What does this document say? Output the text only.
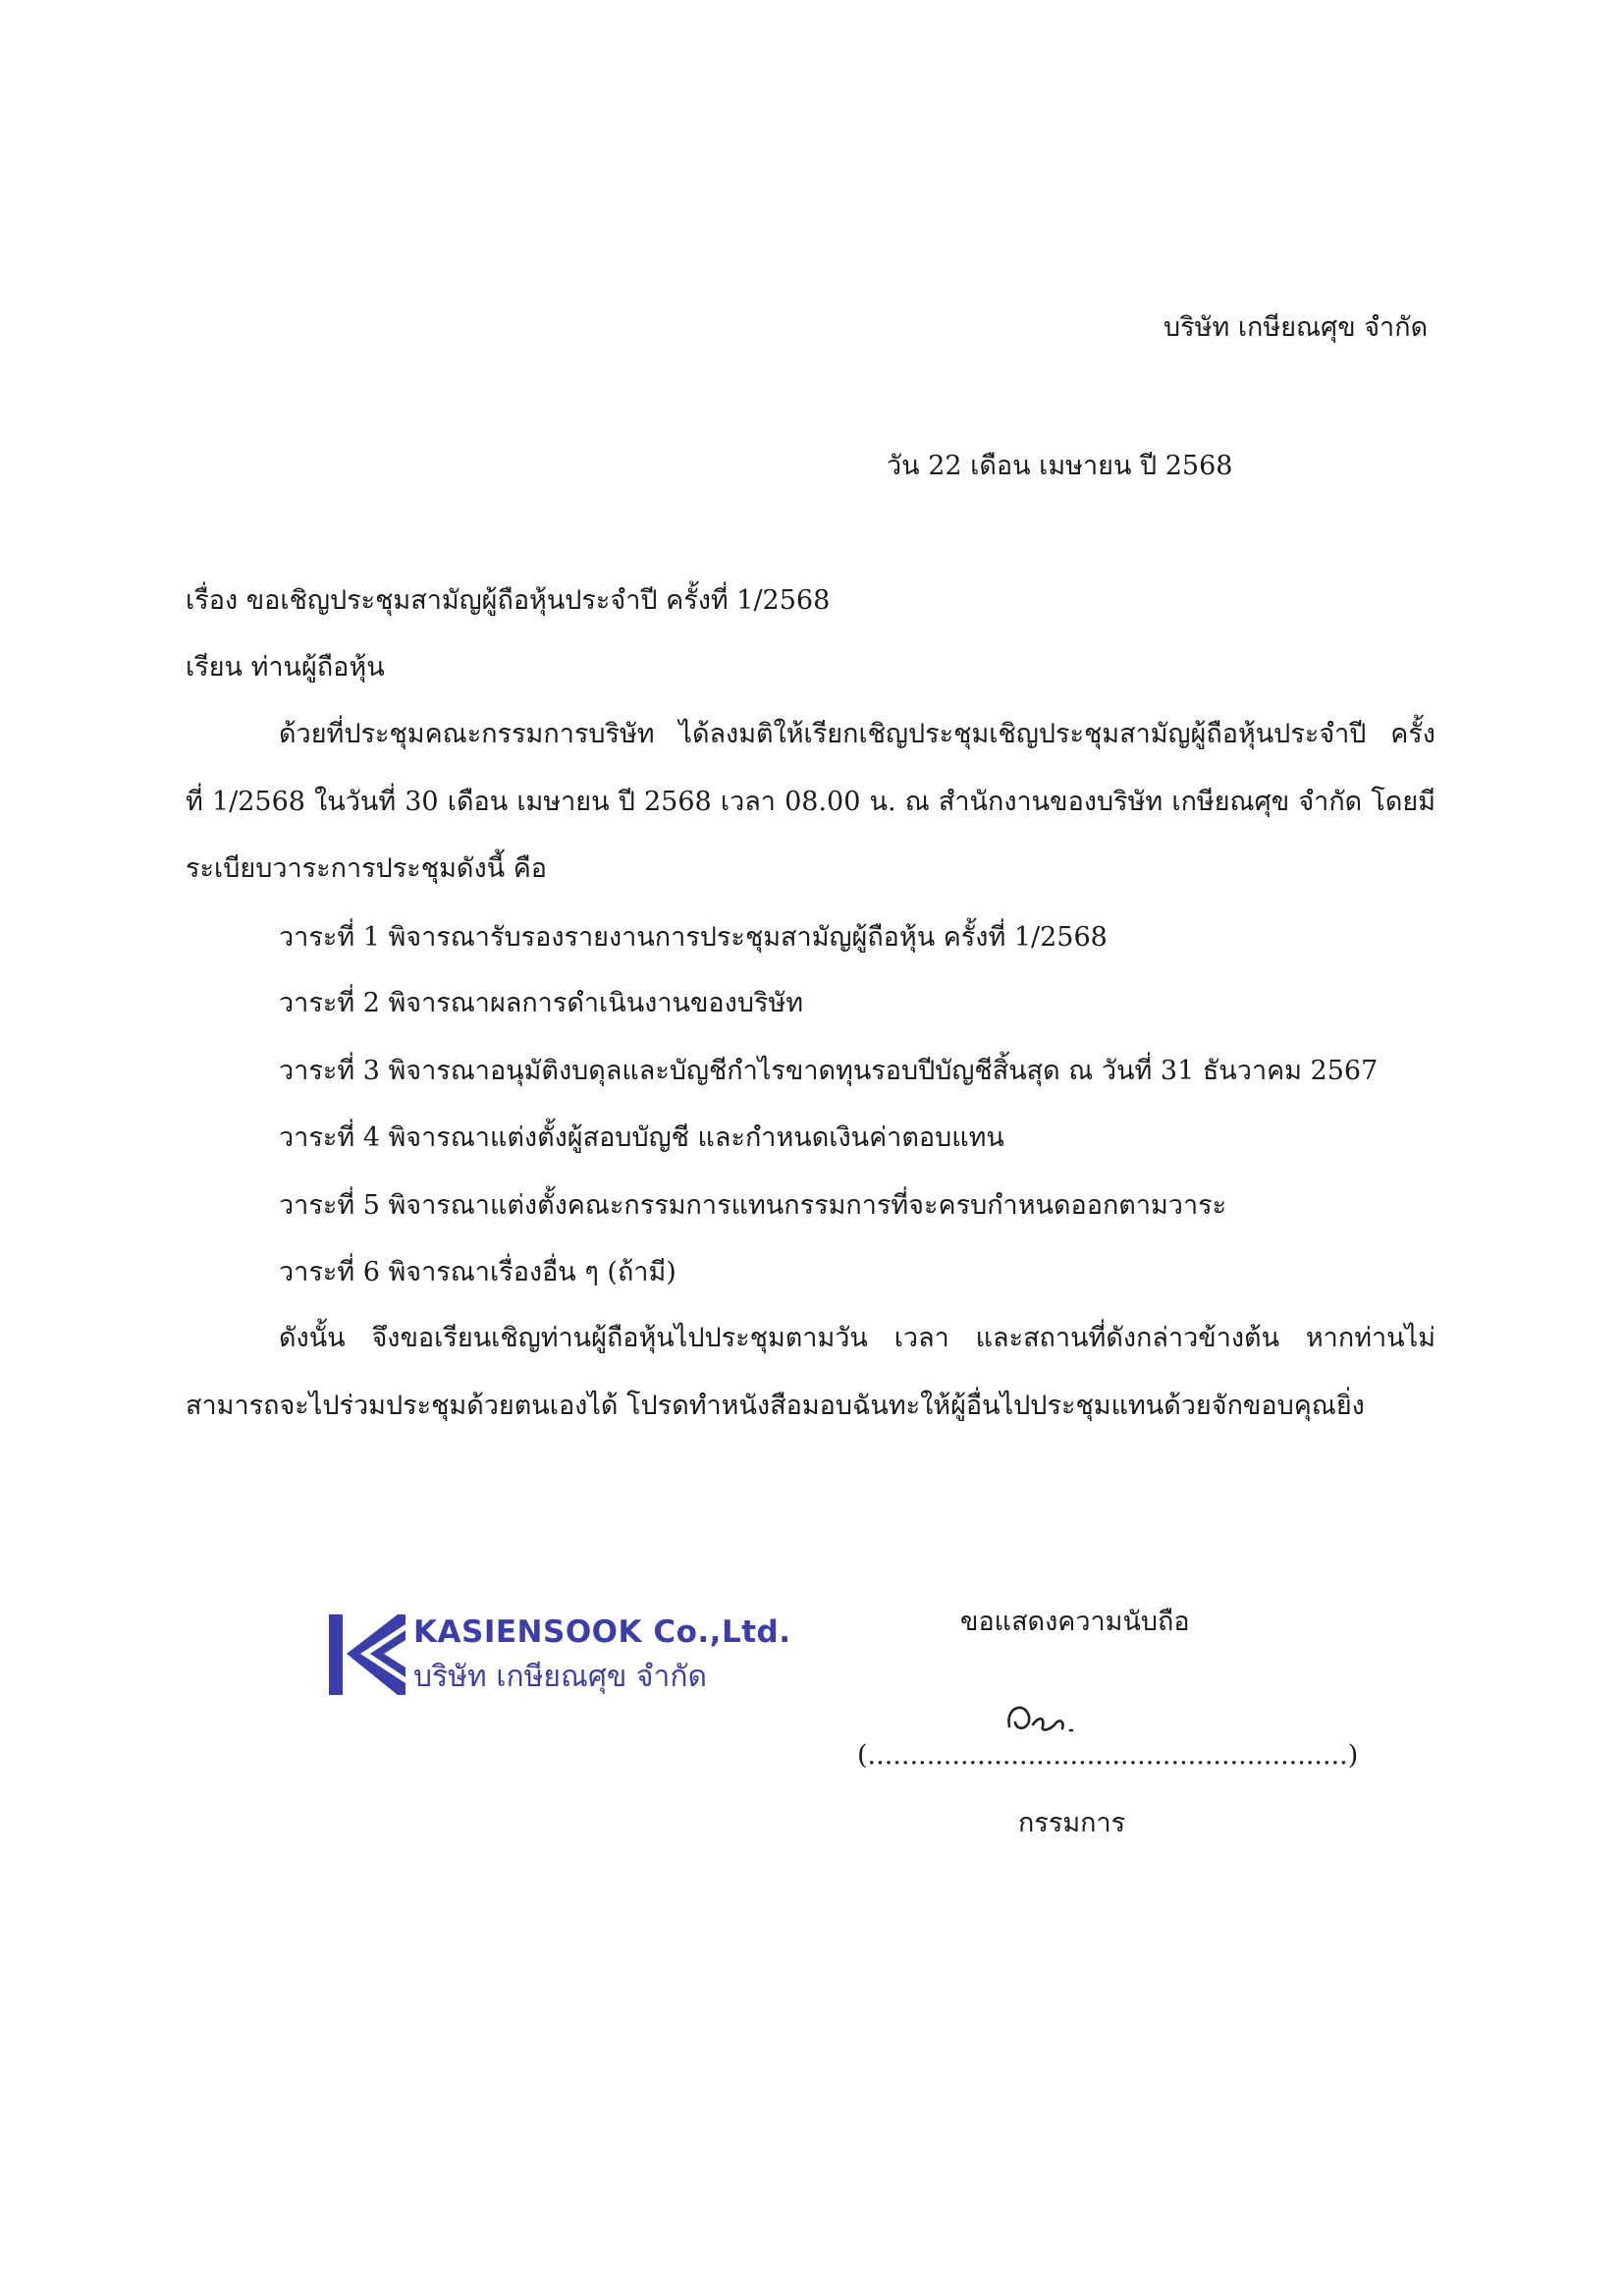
บริษัท เกษียณศุข จำกัด
วัน 22 เดือน เมษายน ปี 2568
เรื่อง ขอเชิญประชุมสามัญผู้ถือหุ้นประจำปี ครั้งที่ 1/2568
เรียน ท่านผู้ถือหุ้น
ด้วยที่ประชุมคณะกรรมการบริษัท ได้ลงมติให้เรียกเชิญประชุมเชิญประชุมสามัญผู้ถือหุ้นประจำปี ครั้ง
ที่ 1/2568 ในวันที่ 30 เดือน เมษายน ปี 2568 เวลา 08.00 น. ณ สำนักงานของบริษัท เกษียณศุข จำกัด โดยมี
ระเบียบวาระการประชุมดังนี้ คือ
วาระที่ 1 พิจารณารับรองรายงานการประชุมสามัญผู้ถือหุ้น ครั้งที่ 1/2568
วาระที่ 2 พิจารณาผลการดำเนินงานของบริษัท
วาระที่ 3 พิจารณาอนุมัติงบดุลและบัญชีกำไรขาดทุนรอบปีบัญชีสิ้นสุด ณ วันที่ 31 ธันวาคม 2567
วาระที่ 4 พิจารณาแต่งตั้งผู้สอบบัญชี และกำหนดเงินค่าตอบแทน
วาระที่ 5 พิจารณาแต่งตั้งคณะกรรมการแทนกรรมการที่จะครบกำหนดออกตามวาระ
วาระที่ 6 พิจารณาเรื่องอื่น ๆ (ถ้ามี)
ดังนั้น จึงขอเรียนเชิญท่านผู้ถือหุ้นไปประชุมตามวัน เวลา และสถานที่ดังกล่าวข้างต้น หากท่านไม่
สามารถจะไปร่วมประชุมด้วยตนเองได้ โปรดทำหนังสือมอบฉันทะให้ผู้อื่นไปประชุมแทนด้วยจักขอบคุณยิ่ง
KASIENSOOK Co.,Ltd.
บริษัท เกษียณศุข จำกัด
ขอแสดงความนับถือ
(.........................................................)
กรรมการ
